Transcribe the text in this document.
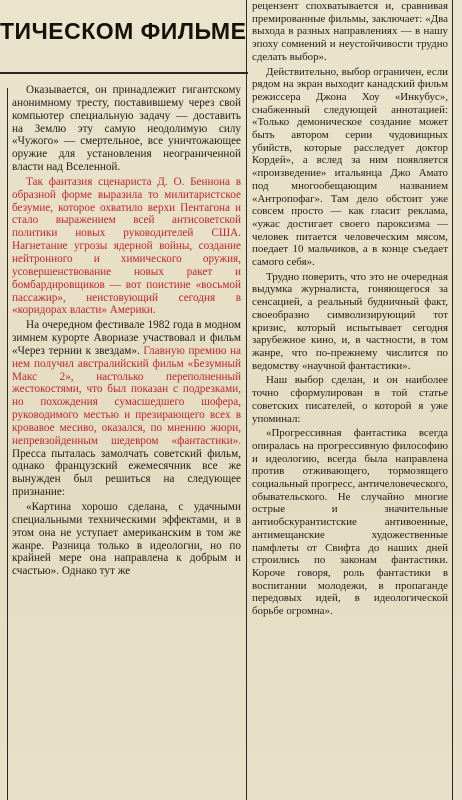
ТИЧЕСКОМ ФИЛЬМЕ

Оказывается, он принадлежит гигантскому анонимному тресту, поставившему через свой компьютер специальную задачу — доставить на Землю эту самую неодолимую силу «Чужого» — смертельное, все уничтожающее оружие для установления неограниченной власти над Вселенной.

Так фантазия сценариста Д. О. Беннона в образной форме выразила то милитаристское безумие, которое охватило верхи Пентагона и стало выражением всей антисоветской политики новых руководителей США. Нагнетание угрозы ядерной войны, создание нейтронного и химического оружия, усовершенствование новых ракет и бомбардировщиков — вот поистине «восьмой пассажир», неистовующий сегодня в «коридорах власти» Америки.

На очередном фестивале 1982 года в модном зимнем курорте Авориазе участвовал и фильм «Через тернии к звездам». Главную премию на нем получил австралийский фильм «Безумный Макс 2», настолько переполненный жестокостями, что был показан с подрезками, но похождения сумасшедшего шофера, руководимого местью и презирающего всех в кровавое месиво, оказался, по мнению жюри, непревзойденным шедевром «фантастики». Пресса пыталась замолчать советский фильм, однако французский ежемесячник все же вынужден был решиться на следующее признание:

«Картина хорошо сделана, с удачными специальными техническими эффектами, и в этом она не уступает американским в том же жанре. Разница только в идеологии, но по крайней мере она направлена к добрым и счастью». Однако тут же

рецензент спохватывается и, сравнивая премированные фильмы, заключает: «Два выхода в разных направлениях — в нашу эпоху сомнений и неустойчивости трудно сделать выбор».

Действительно, выбор ограничен, если рядом на экран выходит канадский фильм режиссера Джона Хоу «Инкубус», снабженный следующей аннотацией: «Только демоническое создание может быть автором серии чудовищных убийств, которые расследует доктор Кордей», а вслед за ним появляется «произведение» итальянца Джо Амато под многообещающим названием «Антропофаг». Там дело обстоит уже совсем просто — как гласит реклама, «ужас достигает своего пароксизма — человек питается человеческим мясом, поедает 10 мальчиков, а в конце съедает самого себя».

Трудно поверить, что это не очередная выдумка журналиста, гоняющегося за сенсацией, а реальный будничный факт, своеобразно символизирующий тот кризис, который испытывает сегодня зарубежное кино, и, в частности, в том жанре, что по-прежнему числится по ведомству «научной фантастики».

Наш выбор сделан, и он наиболее точно сформулирован в той статье советских писателей, о которой я уже упоминал:

«Прогрессивная фантастика всегда опиралась на прогрессивную философию и идеологию, всегда была направлена против отживающего, тормозящего социальный прогресс, античеловеческого, обывательского. Не случайно многие острые и значительные антиобскурантистские антивоенные, антимещанские художественные памфлеты от Свифта до наших дней строились по законам фантастики. Короче говоря, роль фантастики в воспитании молодежи, в пропаганде передовых идей, в идеологической борьбе огромна».
